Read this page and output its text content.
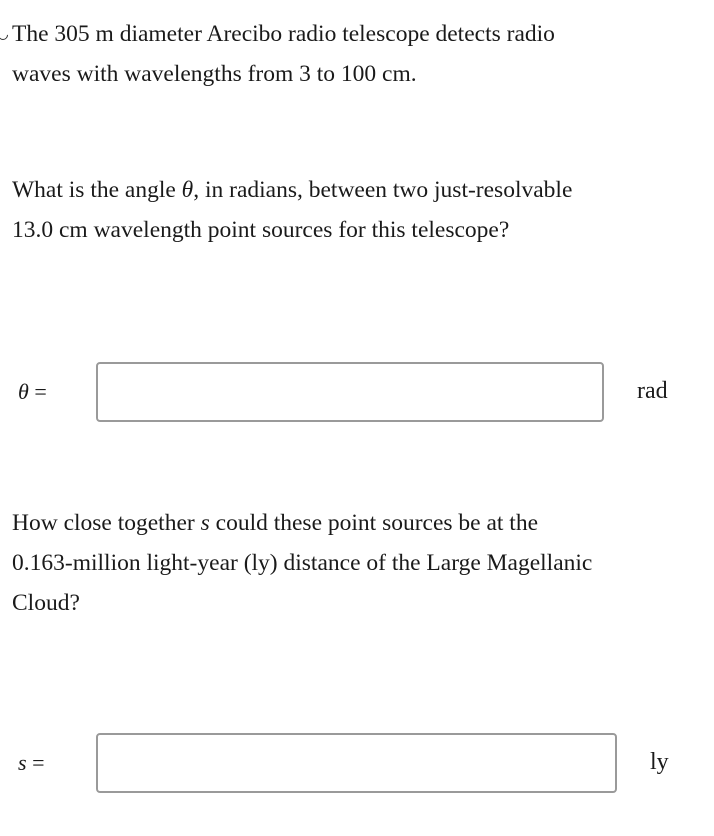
The 305 m diameter Arecibo radio telescope detects radio
waves with wavelengths from 3 to 100 cm.

What is the angle θ, in radians, between two just-resolvable
13.0 cm wavelength point sources for this telescope?

θ =	rad

How close together s could these point sources be at the
0.163-million light-year (ly) distance of the Large Magellanic
Cloud?

s =	ly
